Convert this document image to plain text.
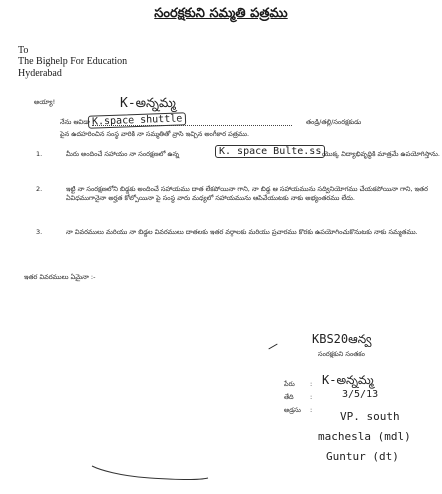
సంరక్షకుని సమ్మతి పత్రము
To
The Bighelp For Education
Hyderabad
అయ్యా!
నేను ఆవిడా
K-అన్నమ్మ
K.space shuttle	తండ్రి/తల్లి/సంరక్షకుడు
పైన ఉదహరించిన సంస్థ వారికి నా సమ్మతితో వ్రాసి ఇచ్చిన అంగీకార పత్రము.
1.	మీరు అందించే సహాయం నా సంరక్షణలో ఉన్న	K. space Bulte.ss యొక్క విద్యాభివృద్ధికి మాత్రమే ఉపయోగిస్తాను.
2.	ఇట్టి నా సంరక్షణలోని బిడ్డకు అందించే సహాయము దాత లేకపోయినా గాని, నా బిడ్డ ఆ సహాయమును సద్వినియోగము చేయకపోయినా గాని, ఇతర ఏవిధముగానైనా అర్హత కోల్పోయినా పై సంస్థ వారు మధ్యలో సహాయమును ఆపివేయుటకు నాకు అభ్యంతరము లేదు.
3.	నా వివరములు మరియు నా బిడ్డల వివరములు దాతలకు ఇతర వర్గాలకు మరియు ప్రచారము కొరకు ఉపయోగించుకొనుటకు నాకు సమ్మతము.
ఇతర వివరములు ఏమైనా :-
KBS20ఆన్వ
సంరక్షకుని సంతకం
పేరు : K-అన్నమ్మ
తేది	:	3/5/13
అడ్రసు :	VP. south
machesla (mdl)
Guntur (dt)
